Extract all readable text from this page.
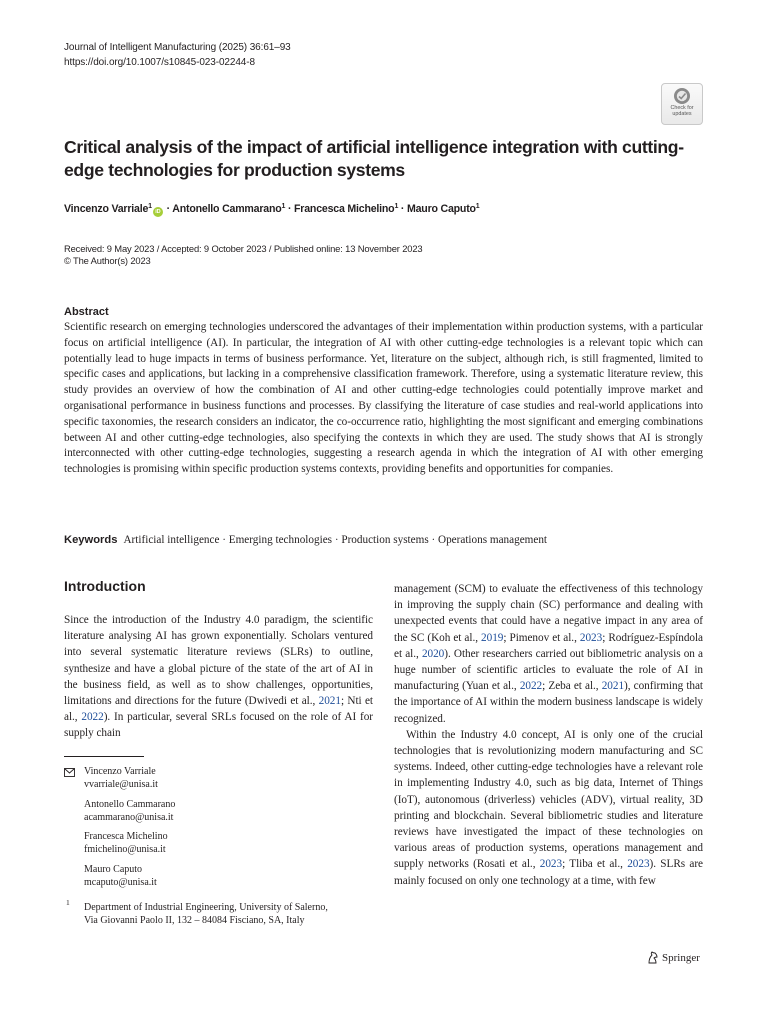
Journal of Intelligent Manufacturing (2025) 36:61–93
https://doi.org/10.1007/s10845-023-02244-8
Check for
updates
Critical analysis of the impact of artificial intelligence integration with cutting-edge technologies for production systems
Vincenzo Varriale$^1$iD · Antonello Cammarano$^1$ · Francesca Michelino$^1$ · Mauro Caputo$^1$
Received: 9 May 2023 / Accepted: 9 October 2023 / Published online: 13 November 2023
© The Author(s) 2023
Abstract

Scientific research on emerging technologies underscored the advantages of their implementation within production systems, with a particular focus on artificial intelligence (AI). In particular, the integration of AI with other cutting-edge technologies is a relevant topic which can potentially lead to huge impacts in terms of business performance. Yet, literature on the subject, although rich, is still fragmented, limited to specific cases and applications, but lacking in a comprehensive classification framework. Therefore, using a systematic literature review, this study provides an overview of how the combination of AI and other cutting-edge technologies could potentially improve market and organisational performance in business functions and processes. By classifying the literature of case studies and real-world applications into specific taxonomies, the research considers an indicator, the co-occurrence ratio, highlighting the most significant and emerging combinations between AI and other cutting-edge technologies, also specifying the contexts in which they are used. The study shows that AI is strongly interconnected with other cutting-edge technologies, suggesting a research agenda in which the integration of AI with other emerging technologies is promising within specific production systems contexts, providing benefits and opportunities for companies.

Keywords Artificial intelligence · Emerging technologies · Production systems · Operations management
Introduction

Since the introduction of the Industry 4.0 paradigm, the scientific literature analysing AI has grown exponentially. Scholars ventured into several systematic literature reviews (SLRs) to outline, synthesize and have a global picture of the state of the art of AI in the business field, as well as to show challenges, opportunities, limitations and directions for the future (Dwivedi et al., 2021; Nti et al., 2022). In particular, several SRLs focused on the role of AI for supply chain

management (SCM) to evaluate the effectiveness of this technology in improving the supply chain (SC) performance and dealing with unexpected events that could have a negative impact in any area of the SC (Koh et al., 2019; Pimenov et al., 2023; Rodríguez-Espíndola et al., 2020). Other researchers carried out bibliometric analysis on a huge number of scientific articles to evaluate the role of AI in manufacturing (Yuan et al., 2022; Zeba et al., 2021), confirming that the importance of AI within the modern business landscape is widely recognized.

Within the Industry 4.0 concept, AI is only one of the crucial technologies that is revolutionizing modern manufacturing and SC systems. Indeed, other cutting-edge technologies have a relevant role in implementing Industry 4.0, such as big data, Internet of Things (IoT), autonomous (driverless) vehicles (ADV), virtual reality, 3D printing and blockchain. Several bibliometric studies and literature reviews have investigated the impact of these technologies on various areas of production systems, operations management and supply networks (Rosati et al., 2023; Tliba et al., 2023). SLRs are mainly focused on only one technology at a time, with few

Vincenzo Varriale
vvarriale@unisa.it
Antonello Cammarano
acammarano@unisa.it
Francesca Michelino
fmichelino@unisa.it
Mauro Caputo
mcaputo@unisa.it
1 Department of Industrial Engineering, University of Salerno,
Via Giovanni Paolo II, 132 – 84084 Fisciano, SA, Italy
Springer
